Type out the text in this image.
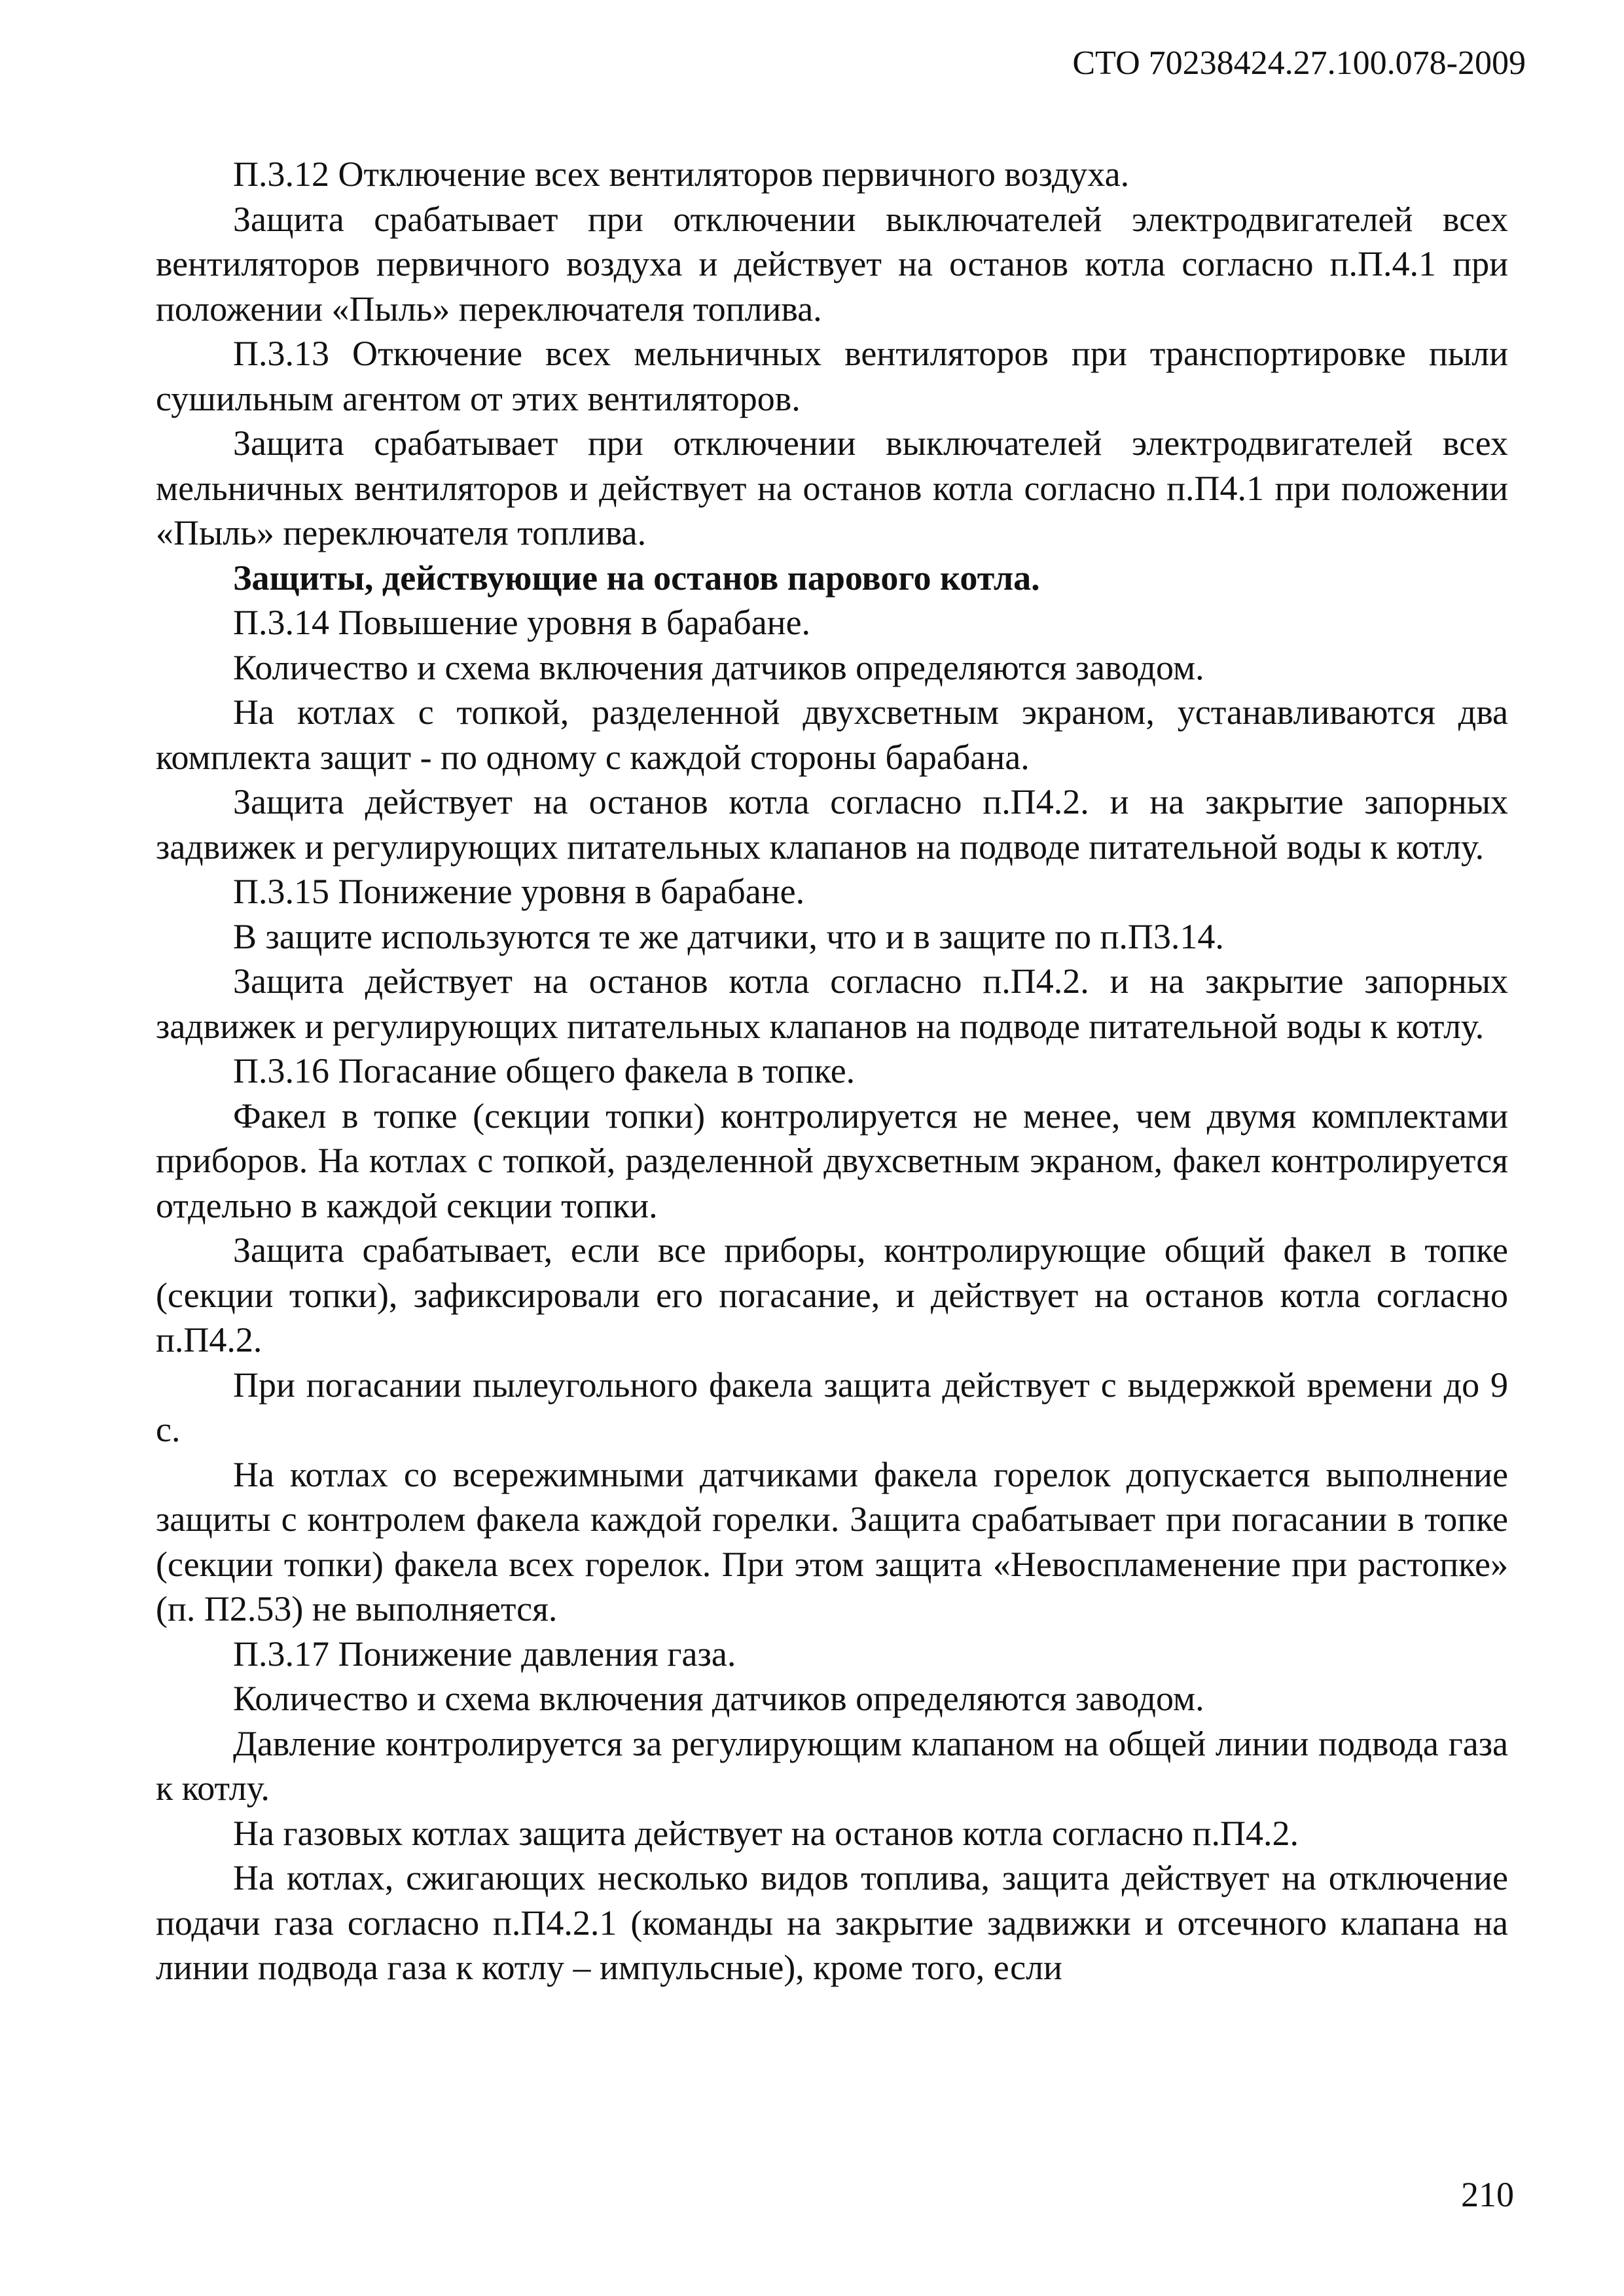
СТО 70238424.27.100.078-2009

П.3.12 Отключение всех вентиляторов первичного воздуха.

Защита срабатывает при отключении выключателей электродвигателей всех вентиляторов первичного воздуха и действует на останов котла согласно п.П.4.1 при положении «Пыль» переключателя топлива.

П.3.13 Откючение всех мельничных вентиляторов при транспортировке пыли сушильным агентом от этих вентиляторов.

Защита срабатывает при отключении выключателей электродвигателей всех мельничных вентиляторов и действует на останов котла согласно п.П4.1 при положении «Пыль» переключателя топлива.

Защиты, действующие на останов парового котла.

П.3.14 Повышение уровня в барабане.

Количество и схема включения датчиков определяются заводом.

На котлах с топкой, разделенной двухсветным экраном, устанавливаются два комплекта защит - по одному с каждой стороны барабана.

Защита действует на останов котла согласно п.П4.2. и на закрытие запорных задвижек и регулирующих питательных клапанов на подводе питательной воды к котлу.

П.3.15 Понижение уровня в барабане.

В защите используются те же датчики, что и в защите по п.П3.14.

Защита действует на останов котла согласно п.П4.2. и на закрытие запорных задвижек и регулирующих питательных клапанов на подводе питательной воды к котлу.

П.3.16 Погасание общего факела в топке.

Факел в топке (секции топки) контролируется не менее, чем двумя комплектами приборов. На котлах с топкой, разделенной двухсветным экраном, факел контролируется отдельно в каждой секции топки.

Защита срабатывает, если все приборы, контролирующие общий факел в топке (секции топки), зафиксировали его погасание, и действует на останов котла согласно п.П4.2.

При погасании пылеугольного факела защита действует с выдержкой времени до 9 с.

На котлах со всережимными датчиками факела горелок допускается выполнение защиты с контролем факела каждой горелки. Защита срабатывает при погасании в топке (секции топки) факела всех горелок. При этом защита «Невоспламенение при растопке» (п. П2.53) не выполняется.

П.3.17 Понижение давления газа.

Количество и схема включения датчиков определяются заводом.

Давление контролируется за регулирующим клапаном на общей линии подвода газа к котлу.

На газовых котлах защита действует на останов котла согласно п.П4.2.

На котлах, сжигающих несколько видов топлива, защита действует на отключение подачи газа согласно п.П4.2.1 (команды на закрытие задвижки и отсечного клапана на линии подвода газа к котлу – импульсные), кроме того, если

210
